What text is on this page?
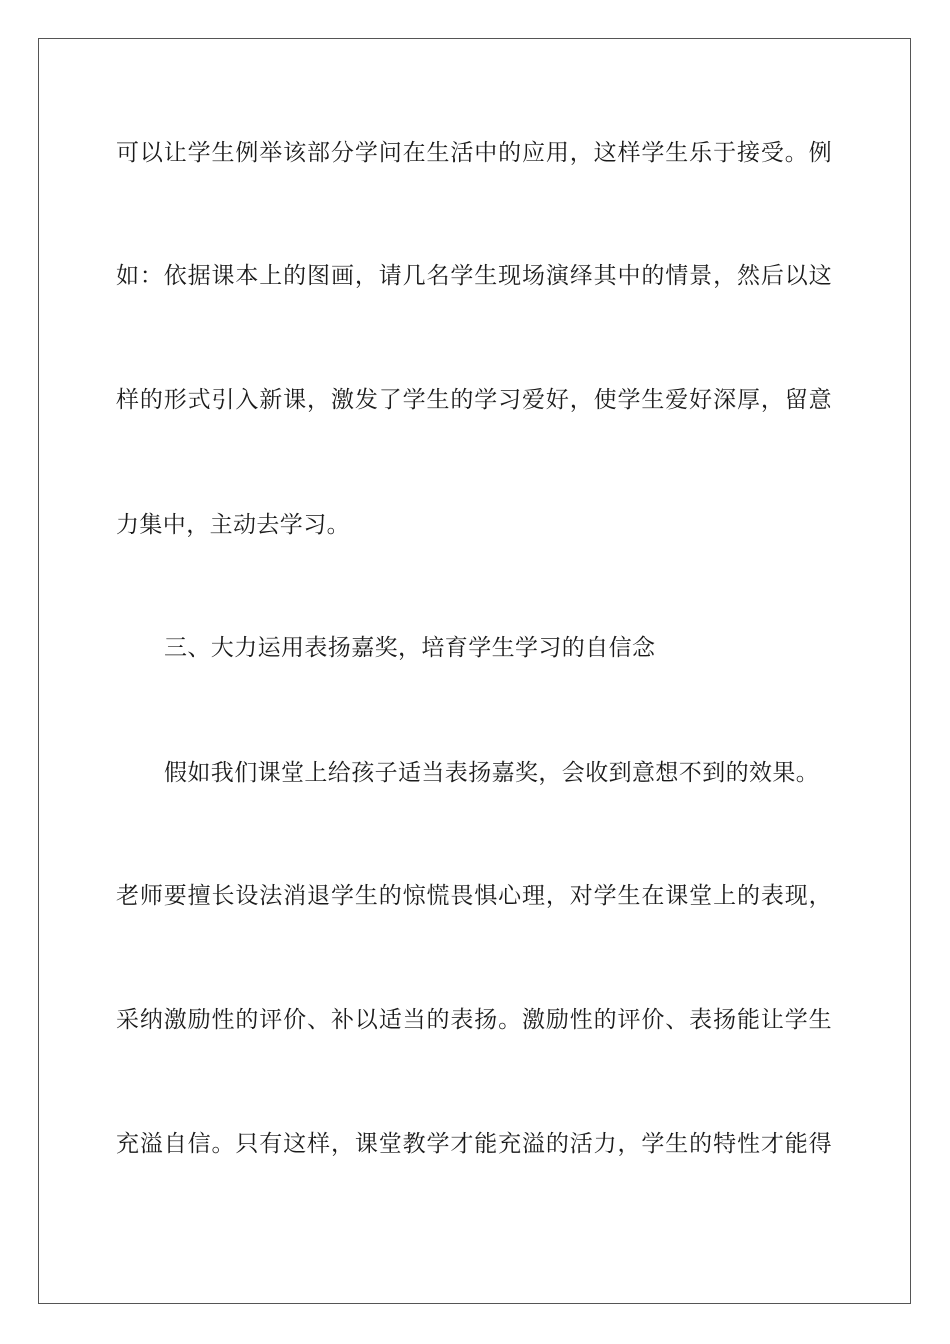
可以让学生例举该部分学问在生活中的应用，这样学生乐于接受。例
如：依据课本上的图画，请几名学生现场演绎其中的情景，然后以这
样的形式引入新课，激发了学生的学习爱好，使学生爱好深厚，留意
力集中，主动去学习。
三、大力运用表扬嘉奖，培育学生学习的自信念
假如我们课堂上给孩子适当表扬嘉奖，会收到意想不到的效果。
老师要擅长设法消退学生的惊慌畏惧心理，对学生在课堂上的表现，
采纳激励性的评价、补以适当的表扬。激励性的评价、表扬能让学生
充溢自信。只有这样，课堂教学才能充溢的活力，学生的特性才能得
